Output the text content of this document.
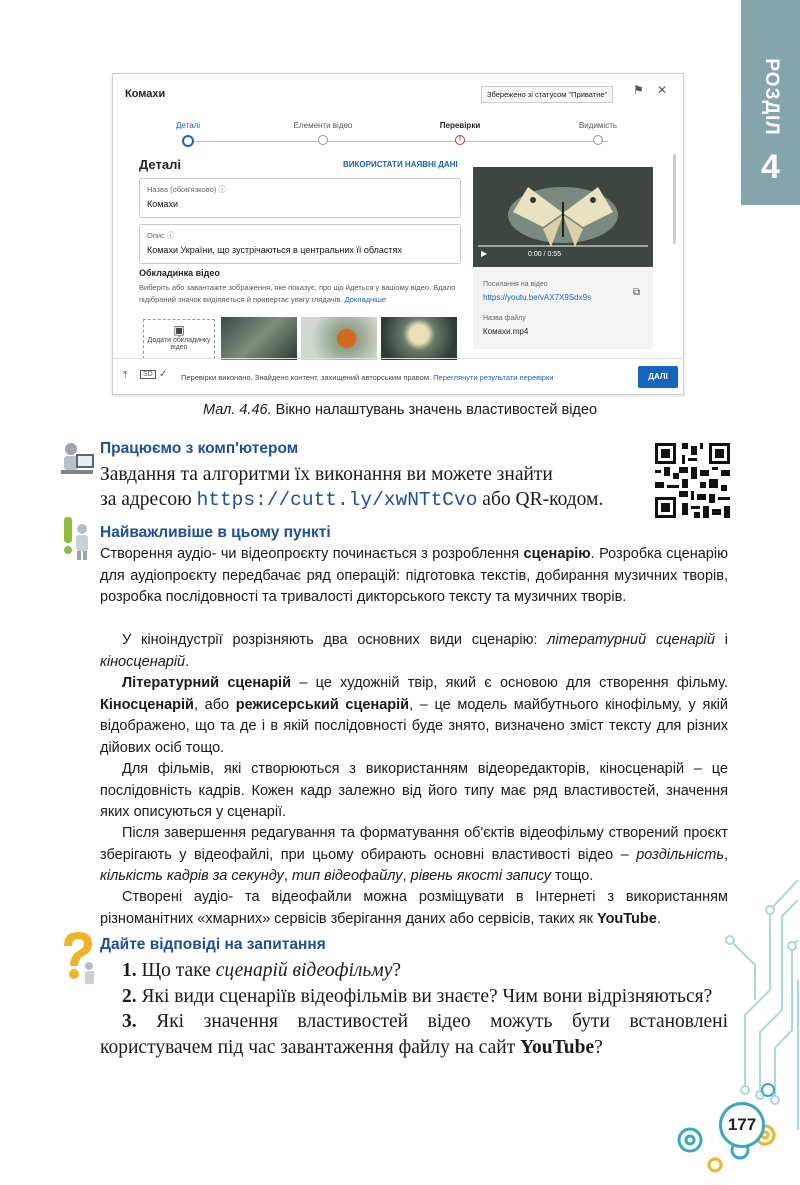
РОЗДІЛ
4
Комахи	Збережено зі статусом "Приватне"	⚑ ✕
Деталі	Елементи відео	Перевірки
!
Видимість
Деталі	ВИКОРИСТАТИ НАЯВНІ ДАНІ
Назва (обов'язково) ⓘ
Комахи
Опис ⓘ
Комахи України, що зустрічаються в центральних її областях
Обкладинка відео
Виберіть або завантажте зображення, яке показує, про що йдеться у вашому відео. Вдало підібраний значок виділяється й привертає увагу глядачів. Докладніше
▣
Додати обкладинку відео
▶	0:00 / 0:55
Посилання на відео
https://youtu.be/vAX7X9Sdx9s	⧉
Назва файлу
Комахи.mp4
⤒	SD ✓ Перевірки виконано. Знайдено контент, захищений авторським правом. Переглянути результати перевірки	ДАЛІ
Мал. 4.46. Вікно налаштувань значень властивостей відео
Працюємо з комп'ютером
Завдання та алгоритми їх виконання ви можете знайти
за адресою https://cutt.ly/xwNTtCvo або QR-кодом.
Найважливіше в цьому пункті
Створення аудіо- чи відеопроєкту починається з розроблення сценарію. Розробка сценарію для аудіопроєкту передбачає ряд операцій: підготовка текстів, добирання музичних творів, розробка послідовності та тривалості дикторського тексту та музичних творів.
У кіноіндустрії розрізняють два основних види сценарію: літературний сценарій і кіносценарій.
Літературний сценарій – це художній твір, який є основою для створення фільму. Кіносценарій, або режисерський сценарій, – це модель майбутнього кінофільму, у якій відображено, що та де і в якій послідовності буде знято, визначено зміст тексту для різних дійових осіб тощо.
Для фільмів, які створюються з використанням відеоредакторів, кіносценарій – це послідовність кадрів. Кожен кадр залежно від його типу має ряд властивостей, значення яких описуються у сценарії.
Після завершення редагування та форматування об'єктів відеофільму створений проєкт зберігають у відеофайлі, при цьому обирають основні властивості відео – роздільність, кількість кадрів за секунду, тип відеофайлу, рівень якості запису тощо.
Створені аудіо- та відеофайли можна розміщувати в Інтернеті з використанням різноманітних «хмарних» сервісів зберігання даних або сервісів, таких як YouTube.
Дайте відповіді на запитання
1. Що таке сценарій відеофільму?
2. Які види сценаріїв відеофільмів ви знаєте? Чим вони відрізняються?
3. Які значення властивостей відео можуть бути встановлені користувачем під час завантаження файлу на сайт YouTube?
177
